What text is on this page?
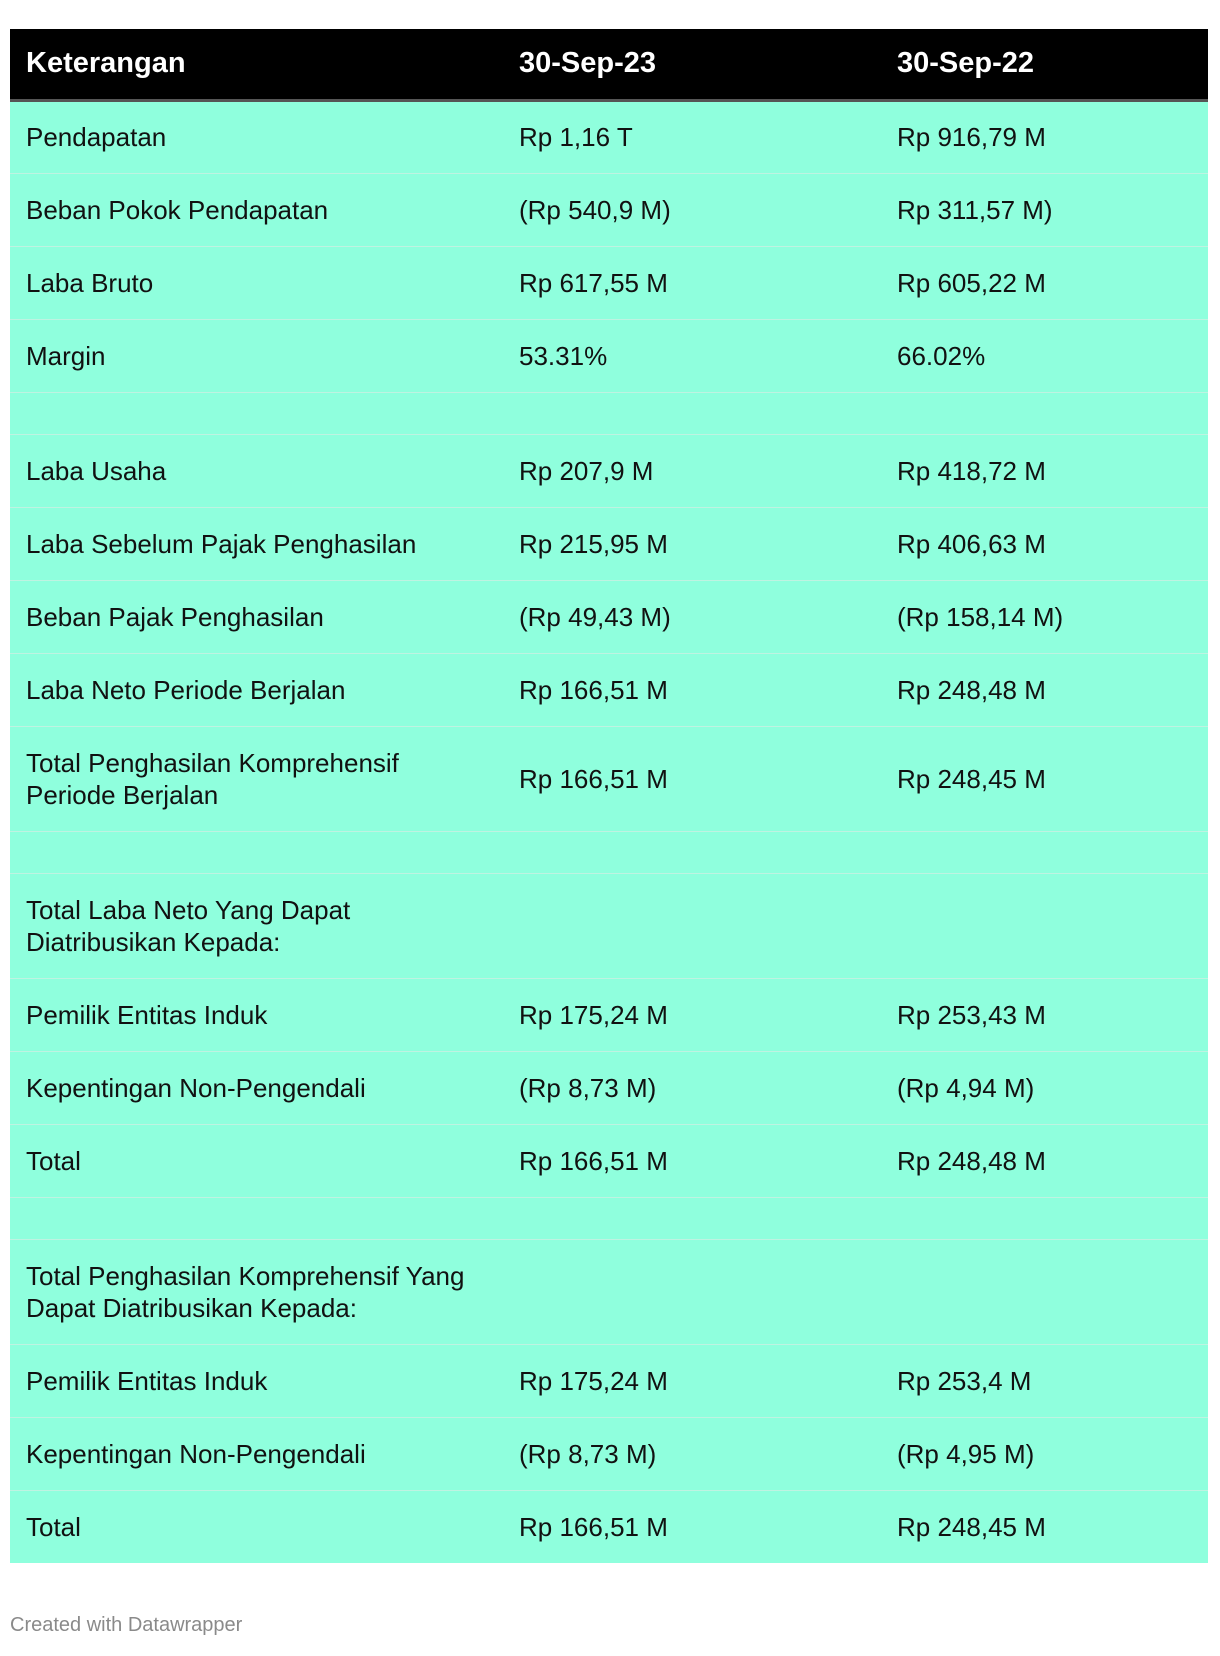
Keterangan	30-Sep-23	30-Sep-22
Pendapatan	Rp 1,16 T	Rp 916,79 M
Beban Pokok Pendapatan	(Rp 540,9 M)	Rp 311,57 M)
Laba Bruto	Rp 617,55 M	Rp 605,22 M
Margin	53.31%	66.02%

Laba Usaha	Rp 207,9 M	Rp 418,72 M
Laba Sebelum Pajak Penghasilan	Rp 215,95 M	Rp 406,63 M
Beban Pajak Penghasilan	(Rp 49,43 M)	(Rp 158,14 M)
Laba Neto Periode Berjalan	Rp 166,51 M	Rp 248,48 M
Total Penghasilan Komprehensif Periode Berjalan	Rp 166,51 M	Rp 248,45 M

Total Laba Neto Yang Dapat Diatribusikan Kepada:		
Pemilik Entitas Induk	Rp 175,24 M	Rp 253,43 M
Kepentingan Non-Pengendali	(Rp 8,73 M)	(Rp 4,94 M)
Total	Rp 166,51 M	Rp 248,48 M

Total Penghasilan Komprehensif Yang Dapat Diatribusikan Kepada:		
Pemilik Entitas Induk	Rp 175,24 M	Rp 253,4 M
Kepentingan Non-Pengendali	(Rp 8,73 M)	(Rp 4,95 M)
Total	Rp 166,51 M	Rp 248,45 M
Created with Datawrapper
